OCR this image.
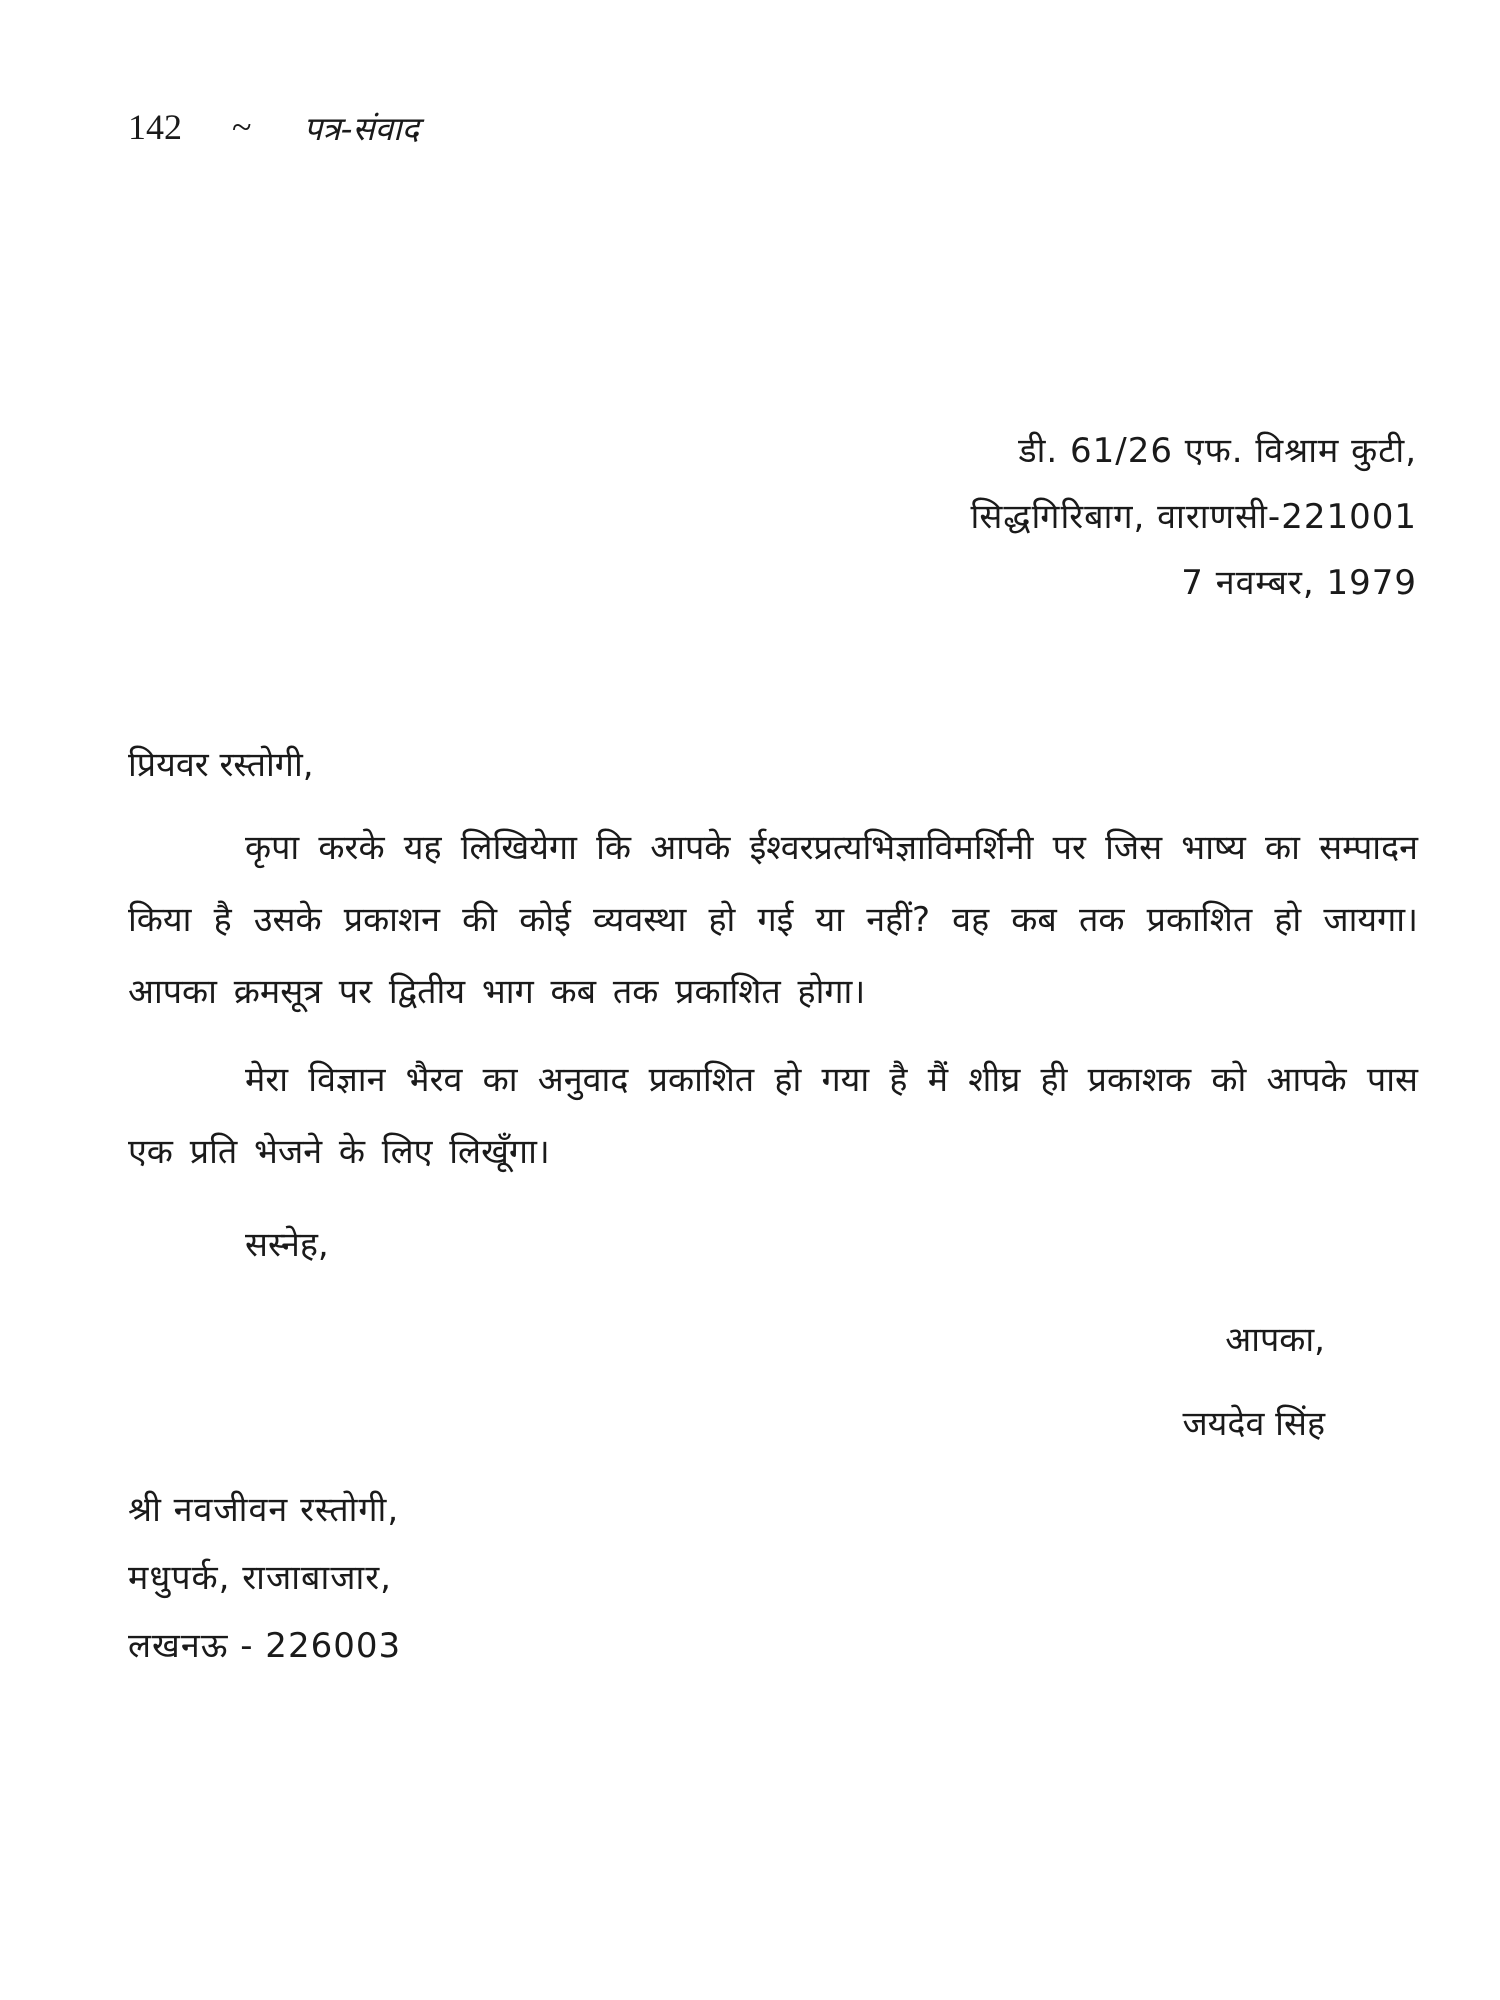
142 ~ पत्र-संवाद
डी. 61/26 एफ. विश्राम कुटी,
सिद्धगिरिबाग, वाराणसी-221001
7 नवम्बर, 1979
प्रियवर रस्तोगी,

कृपा करके यह लिखियेगा कि आपके ईश्वरप्रत्यभिज्ञाविमर्शिनी पर जिस भाष्य का सम्पादन किया है उसके प्रकाशन की कोई व्यवस्था हो गई या नहीं? वह कब तक प्रकाशित हो जायगा। आपका क्रमसूत्र पर द्वितीय भाग कब तक प्रकाशित होगा।

मेरा विज्ञान भैरव का अनुवाद प्रकाशित हो गया है मैं शीघ्र ही प्रकाशक को आपके पास एक प्रति भेजने के लिए लिखूँगा।

सस्नेह,
आपका,
जयदेव सिंह
श्री नवजीवन रस्तोगी,
मधुपर्क, राजाबाजार,
लखनऊ - 226003
